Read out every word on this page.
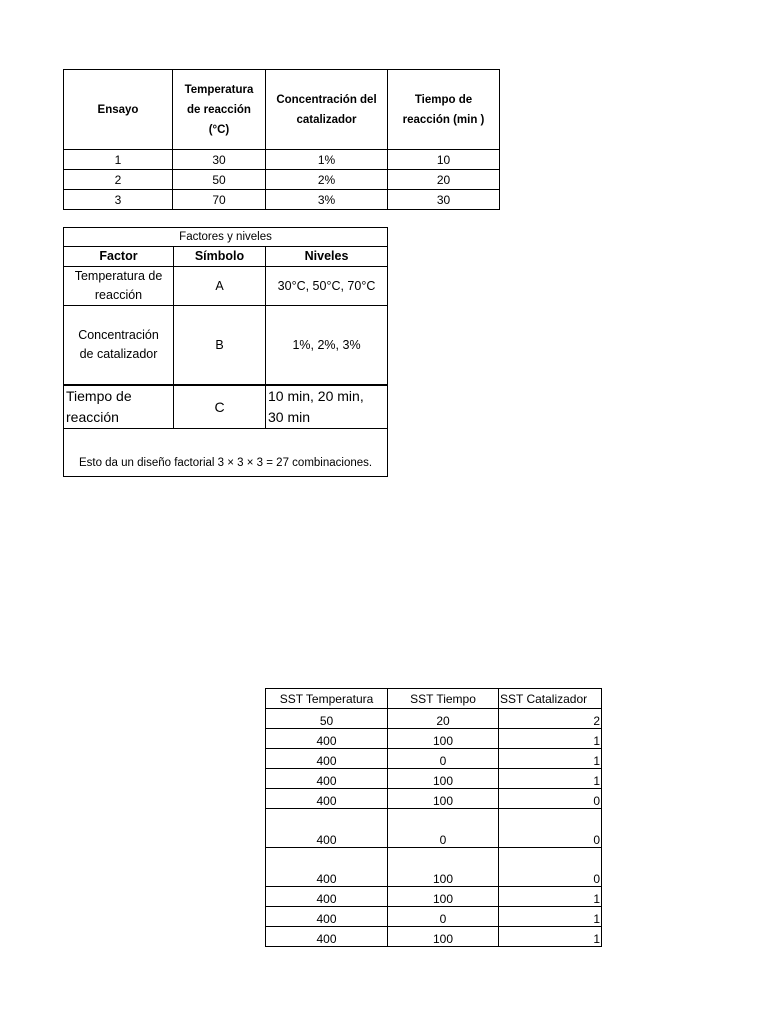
Ensayo	Temperatura
de reacción
(°C)	Concentración del
catalizador	Tiempo de
reacción (min )
1	30	1%	10
2	50	2%	20
3	70	3%	30
Factores y niveles		
Factor	Símbolo	Niveles
Temperatura de
reacción	A	30°C, 50°C, 70°C
Concentración
de catalizador	B	1%, 2%, 3%
Tiempo de
reacción	C	10 min, 20 min,
30 min
Esto da un diseño factorial 3 × 3 × 3 = 27 combinaciones.		
SST Temperatura	SST Tiempo	SST Catalizador
50	20	2
400	100	1
400	0	1
400	100	1
400	100	0
400	0	0
400	100	0
400	100	1
400	0	1
400	100	1
